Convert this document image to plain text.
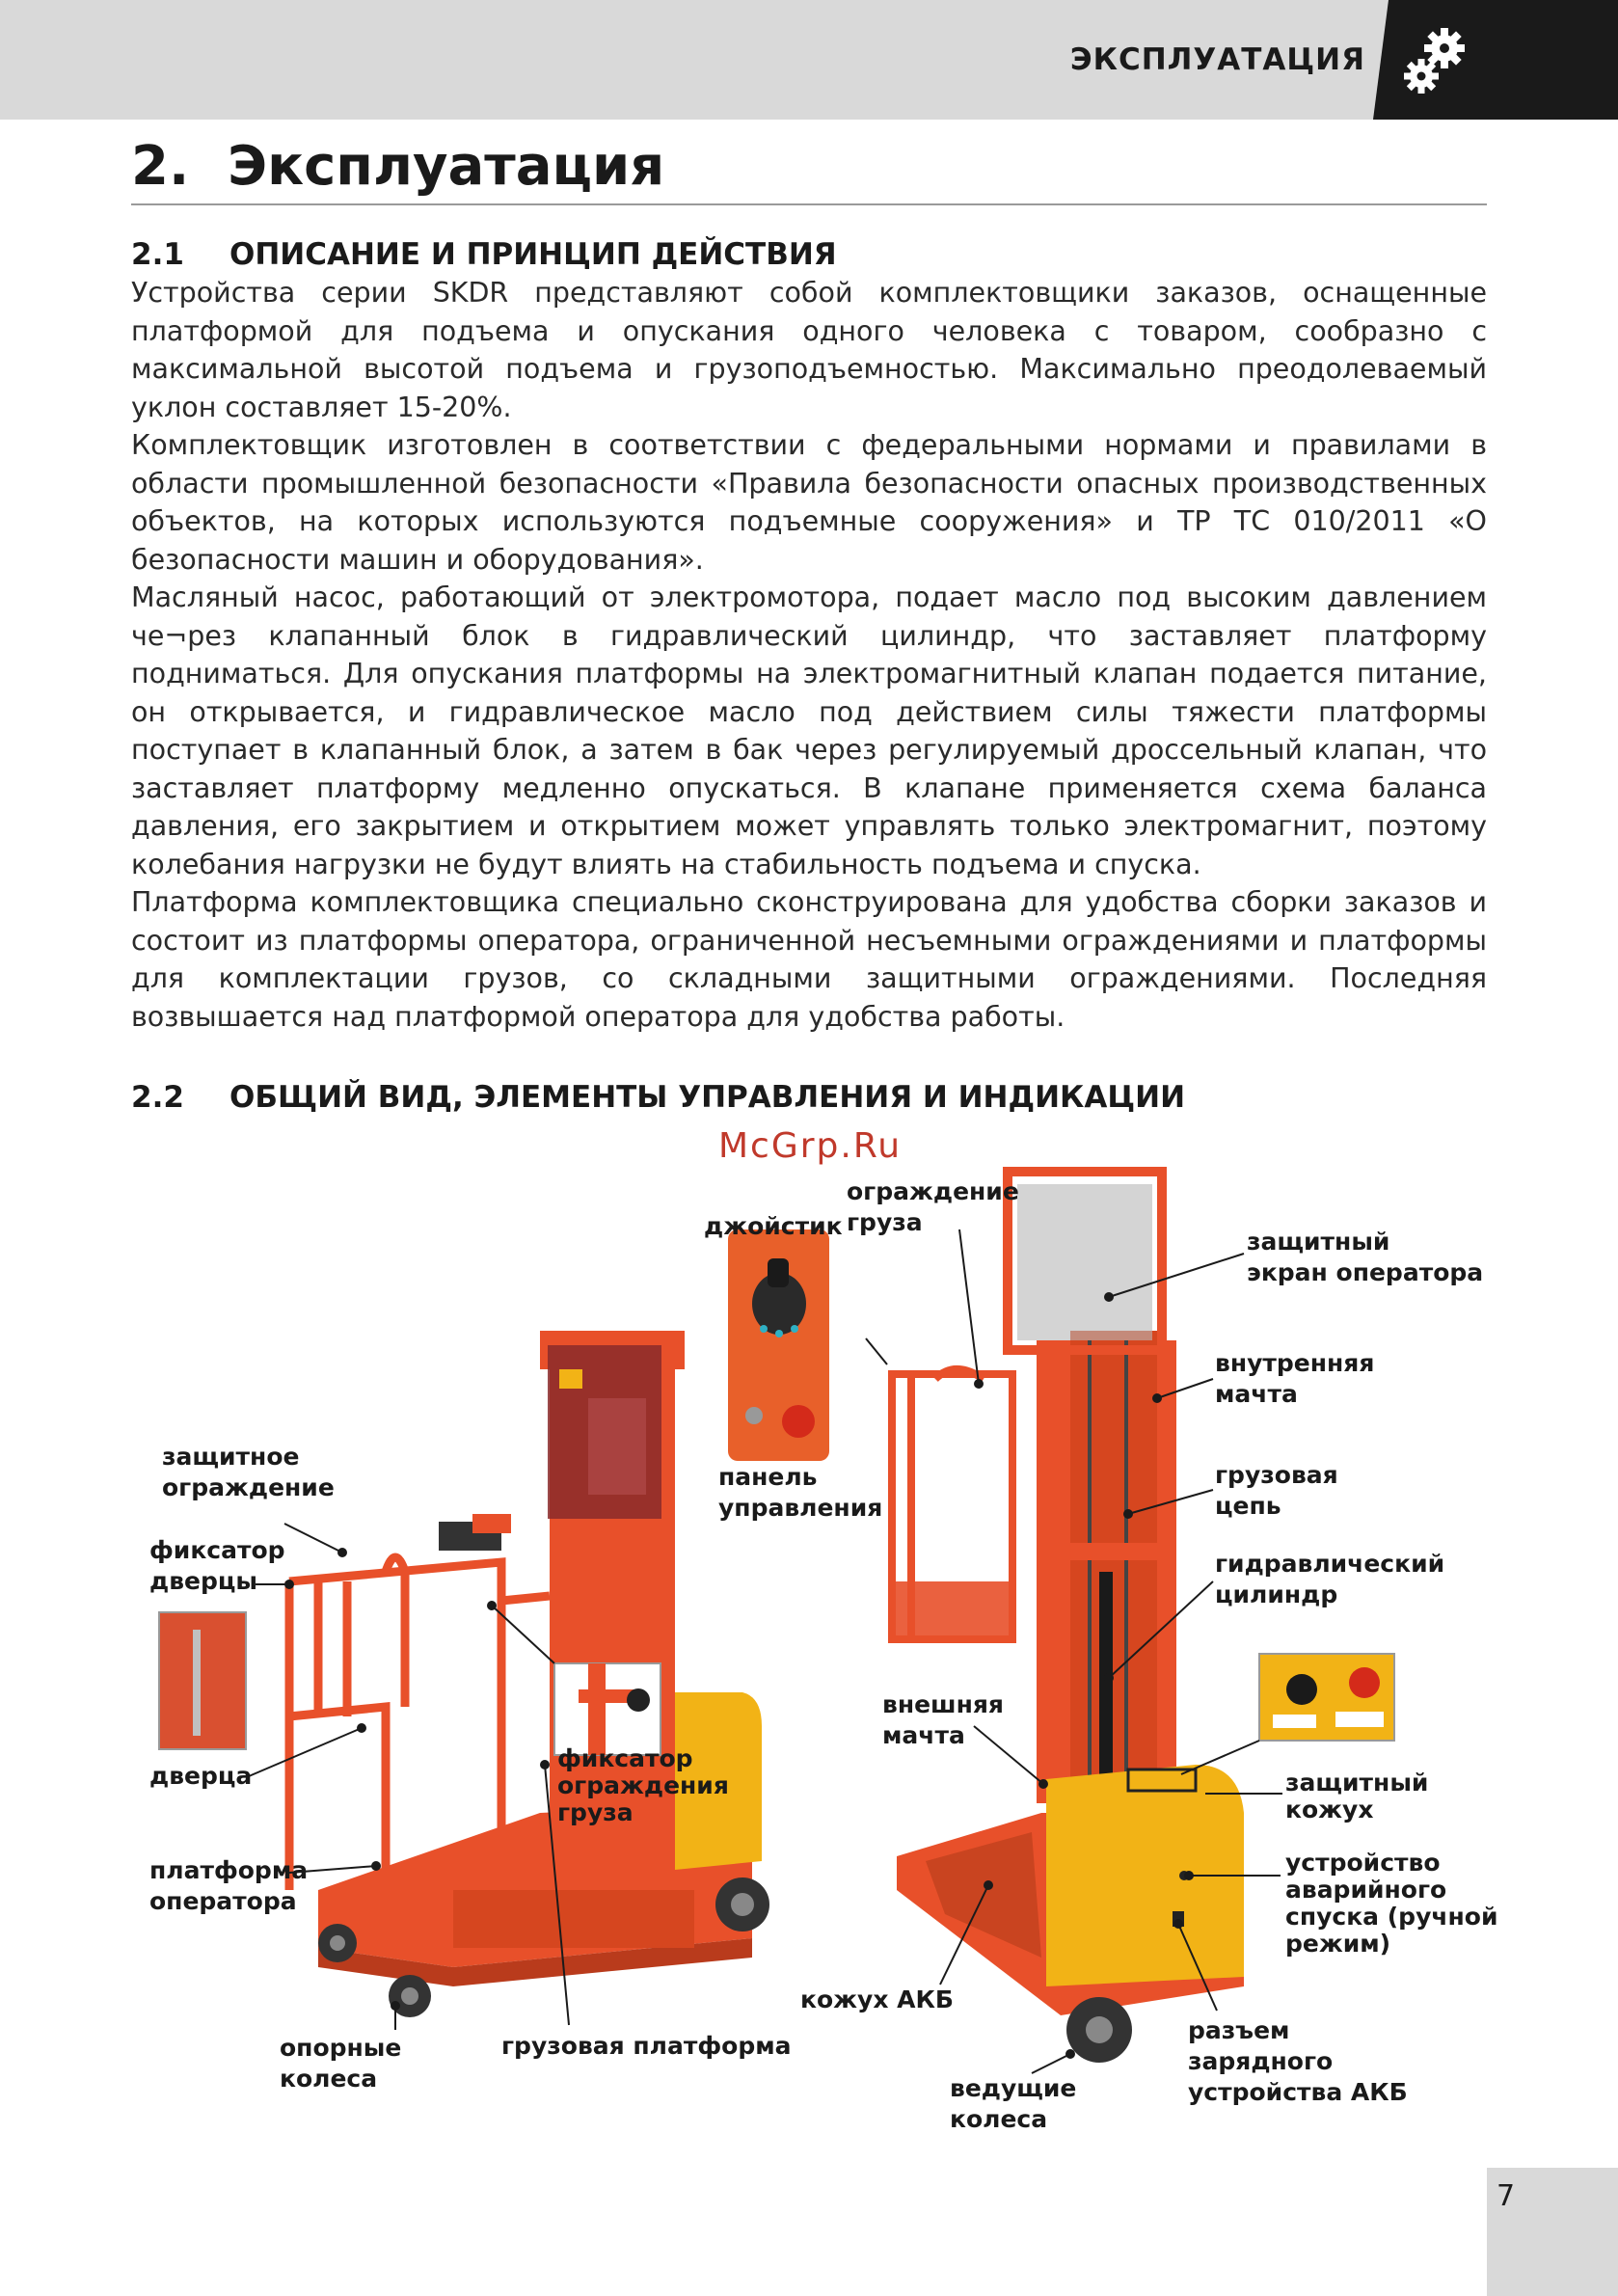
ЭКСПЛУАТАЦИЯ
2. Эксплуатация
2.1 ОПИСАНИЕ И ПРИНЦИП ДЕЙСТВИЯ

Устройства серии SKDR представляют собой комплектовщики заказов, оснащенные платформой для подъема и опускания одного человека с товаром, сообразно с максимальной высотой подъема и грузоподъемностью. Максимально преодолеваемый уклон составляет 15-20%.

Комплектовщик изготовлен в соответствии с федеральными нормами и правилами в области промышленной безопасности «Правила безопасности опасных производственных объектов, на которых используются подъемные сооружения» и ТР ТС 010/2011 «О безопасности машин и оборудования».

Масляный насос, работающий от электромотора, подает масло под высоким давлением че¬рез клапанный блок в гидравлический цилиндр, что заставляет платформу подниматься. Для опускания платформы на электромагнитный клапан подается питание, он открывается, и гидравлическое масло под действием силы тяжести платформы поступает в клапанный блок, а затем в бак через регулируемый дроссельный клапан, что заставляет платформу медленно опускаться. В клапане применяется схема баланса давления, его закрытием и открытием может управлять только электромагнит, поэтому колебания нагрузки не будут влиять на стабильность подъема и спуска.

Платформа комплектовщика специально сконструирована для удобства сборки заказов и состоит из платформы оператора, ограниченной несъемными ограждениями и платформы для комплектации грузов, со складными защитными ограждениями. Последняя возвышается над платформой оператора для удобства работы.

2.2 ОБЩИЙ ВИД, ЭЛЕМЕНТЫ УПРАВЛЕНИЯ И ИНДИКАЦИИ
McGrp.Ru
защитное
ограждение
фиксатор
дверцы
дверца
платформа
оператора
опорные
колеса
грузовая платформа
фиксатор
ограждения
груза
джойстик
ограждение
груза
панель
управления
внешняя
мачта
кожух АКБ
ведущие
колеса
защитный
экран оператора
внутренняя
мачта
грузовая
цепь
гидравлический
цилиндр
защитный
кожух
устройство
аварийного
спуска (ручной
режим)
разъем
зарядного
устройства АКБ
7
